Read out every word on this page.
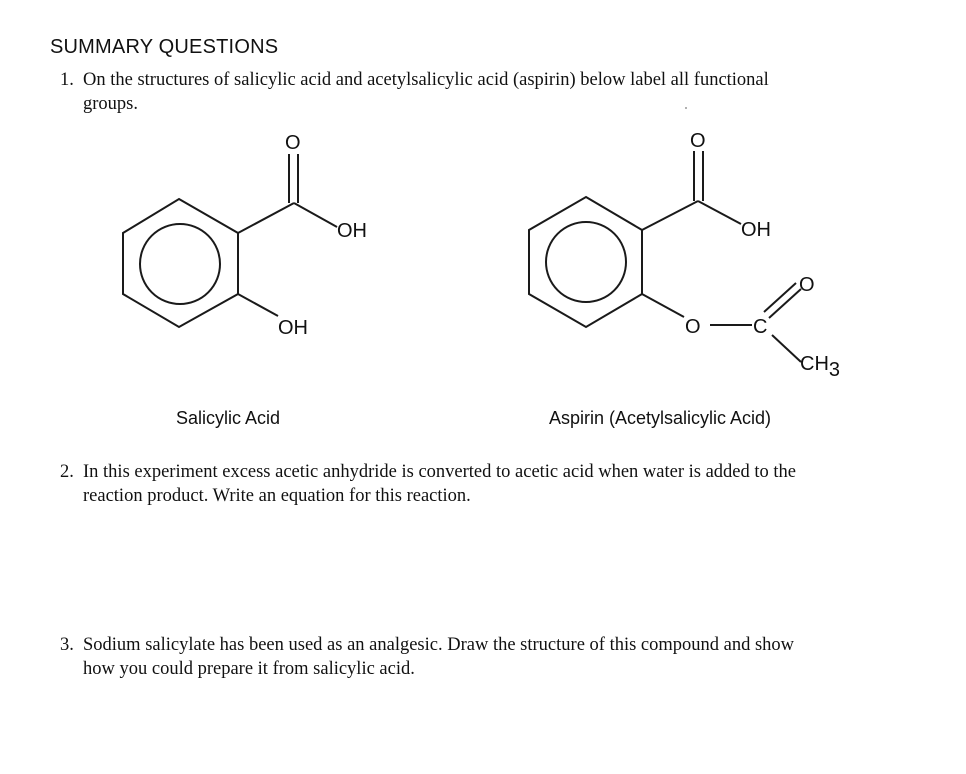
SUMMARY QUESTIONS
1. On the structures of salicylic acid and acetylsalicylic acid (aspirin) below label all functional
groups.
O
OH
OH
O
OH
O	C
O
CH3
Salicylic Acid	Aspirin (Acetylsalicylic Acid)
2. In this experiment excess acetic anhydride is converted to acetic acid when water is added to the
reaction product. Write an equation for this reaction.
3. Sodium salicylate has been used as an analgesic. Draw the structure of this compound and show
how you could prepare it from salicylic acid.
